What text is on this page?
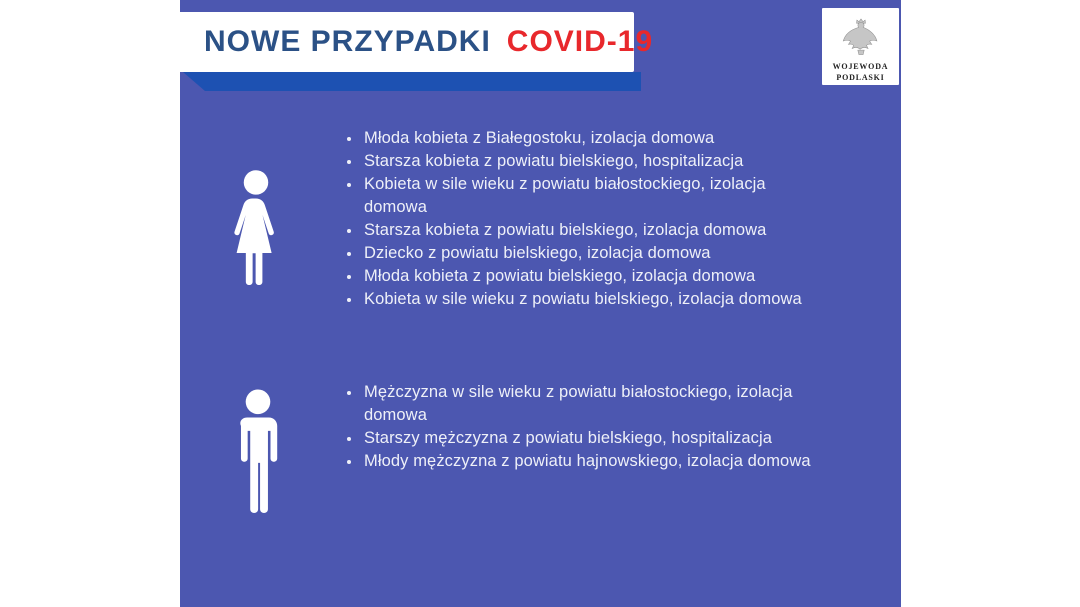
• Młoda kobieta z Białegostoku, izolacja domowa
• Starsza kobieta z powiatu bielskiego, hospitalizacja
• Kobieta w sile wieku z powiatu białostockiego, izolacja domowa
• Starsza kobieta z powiatu bielskiego, izolacja domowa
• Dziecko z powiatu bielskiego, izolacja domowa
• Młoda kobieta z powiatu bielskiego, izolacja domowa
• Kobieta w sile wieku z powiatu bielskiego, izolacja domowa
• Mężczyzna w sile wieku z powiatu białostockiego, izolacja domowa
• Starszy mężczyzna z powiatu bielskiego, hospitalizacja
• Młody mężczyzna z powiatu hajnowskiego, izolacja domowa
NOWE PRZYPADKI COVID-19
WOJEWODA
PODLASKI
